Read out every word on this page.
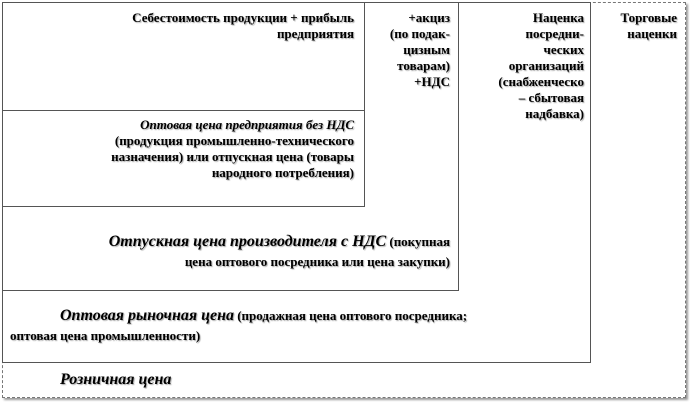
Себестоимость продукции + прибыль
предприятия
+акциз
(по подак-
цизным
товарам)
+НДС
Наценка
посредни-
ческих
организаций
(снабженческо
– сбытовая
надбавка)
Торговые
наценки
Оптовая цена предприятия без НДС
(продукция промышленно-технического
назначения) или отпускная цена (товары
народного потребления)
Отпускная цена производителя с НДС (покупная
цена оптового посредника или цена закупки)
Оптовая рыночная цена (продажная цена оптового посредника;
оптовая цена промышленности)
Розничная цена
